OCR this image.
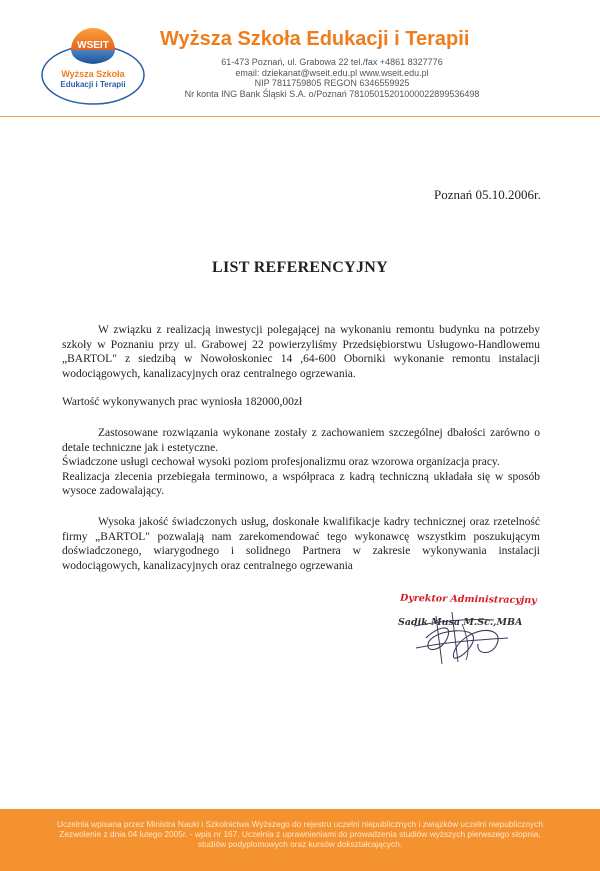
WSEIT
Wyższa Szkoła
Edukacji i Terapii
Wyższa Szkoła Edukacji i Terapii
61-473 Poznań, ul. Grabowa 22 tel./fax +4861 8327776
email: dziekanat@wseit.edu.pl www.wseit.edu.pl
NIP 7811759805 REGON 6346559925
Nr konta ING Bank Śląski S.A. o/Poznań 78105015201000022899536498
Poznań 05.10.2006r.
LIST REFERENCYJNY

W związku z realizacją inwestycji polegającej na wykonaniu remontu budynku na potrzeby szkoły w Poznaniu przy ul. Grabowej 22 powierzyliśmy Przedsiębiorstwu Usługowo-Handlowemu „BARTOL" z siedzibą w Nowołoskoniec 14 ,64-600 Oborniki wykonanie remontu instalacji wodociągowych, kanalizacyjnych oraz centralnego ogrzewania.

Wartość wykonywanych prac wyniosła 182000,00zł

Zastosowane rozwiązania wykonane zostały z zachowaniem szczególnej dbałości zarówno o detale techniczne jak i estetyczne.

Świadczone usługi cechował wysoki poziom profesjonalizmu oraz wzorowa organizacja pracy.

Realizacja zlecenia przebiegała terminowo, a współpraca z kadrą techniczną układała się w sposób wysoce zadowalający.

Wysoka jakość świadczonych usług, doskonałe kwalifikacje kadry technicznej oraz rzetelność firmy „BARTOL" pozwalają nam zarekomendować tego wykonawcę wszystkim poszukującym doświadczonego, wiarygodnego i solidnego Partnera w zakresie wykonywania instalacji wodociągowych, kanalizacyjnych oraz centralnego ogrzewania

Dyrektor Administracyjny
Sadik Musa M.Sc.,MBA
Uczelnia wpisana przez Ministra Nauki i Szkolnictwa Wyższego do rejestru uczelni niepublicznych i związków uczelni niepublicznych
Zezwolenie z dnia 04 lutego 2005r. - wpis nr 167. Uczelnia z uprawnieniami do prowadzenia studiów wyższych pierwszego stopnia,
studiów podyplomowych oraz kursów dokształcających.
